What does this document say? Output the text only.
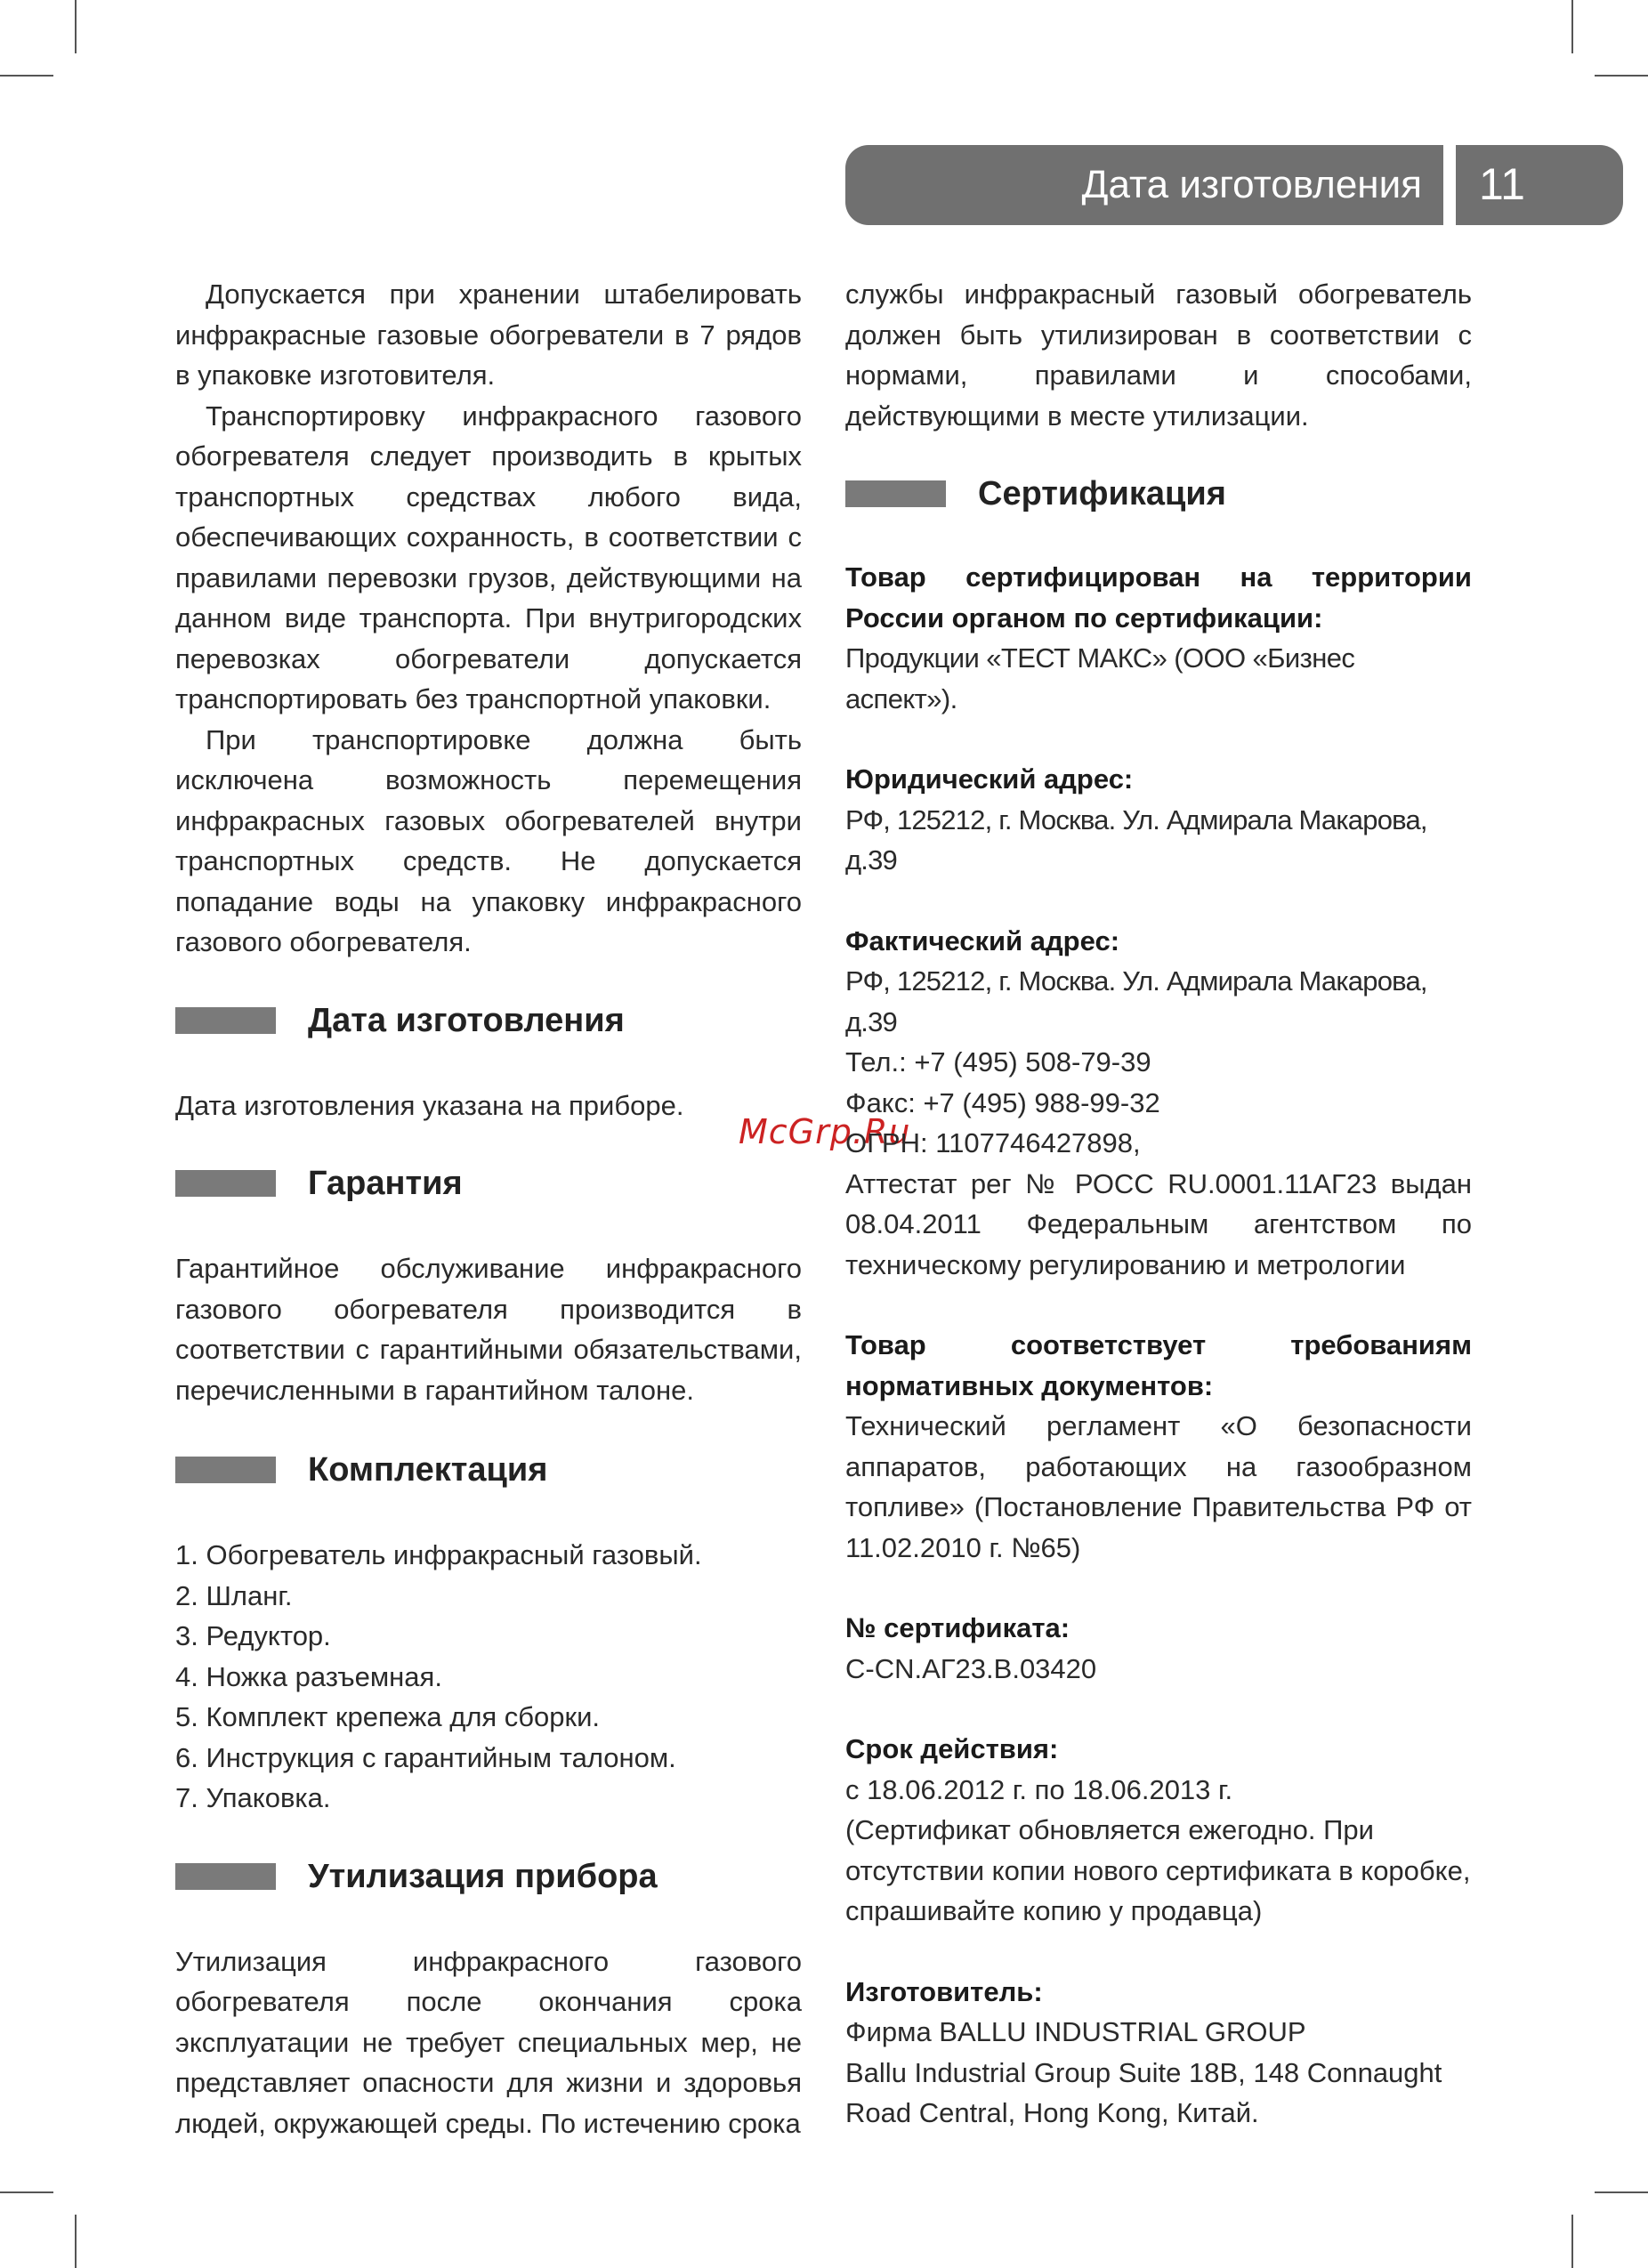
Дата изготовления	11
McGrp.Ru

Допускается при хранении штабелировать инфракрасные газовые обогреватели в 7 рядов в упаковке изготовителя.

Транспортировку инфракрасного газового обогревателя следует производить в крытых транспортных средствах любого вида, обеспечивающих сохранность, в соответствии с правилами перевозки грузов, действующими на данном виде транспорта. При внутригородских перевозках обогреватели допускается транспортировать без транспортной упаковки.

При транспортировке должна быть исключена возможность перемещения инфракрасных газовых обогревателей внутри транспортных средств. Не допускается попадание воды на упаковку инфракрасного газового обогревателя.

Дата изготовления

Дата изготовления указана на приборе.

Гарантия

Гарантийное обслуживание инфракрасного газового обогревателя производится в соответствии с гарантийными обязательствами, перечисленными в гарантийном талоне.

Комплектация

1. Обогреватель инфракрасный газовый.

2. Шланг.

3. Редуктор.

4. Ножка разъемная.

5. Комплект крепежа для сборки.

6. Инструкция с гарантийным талоном.

7. Упаковка.

Утилизация прибора

Утилизация инфракрасного газового обогревателя после окончания срока эксплуатации не требует специальных мер, не представляет опасности для жизни и здоровья людей, окружающей среды. По истечению срока

службы инфракрасный газовый обогреватель должен быть утилизирован в соответствии с нормами, правилами и способами, действующими в месте утилизации.

Сертификация

Товар сертифицирован на территории России органом по сертификации:

Продукции «ТЕСТ МАКС» (ООО «Бизнес аспект»).

Юридический адрес:

РФ, 125212, г. Москва. Ул. Адмирала Макарова, д.39

Фактический адрес:

РФ, 125212, г. Москва. Ул. Адмирала Макарова, д.39

Тел.: +7 (495) 508-79-39

Факс: +7 (495) 988-99-32

ОГРН: 1107746427898,

Аттестат рег № РОСС RU.0001.11АГ23 выдан 08.04.2011 Федеральным агентством по техническому регулированию и метрологии

Товар соответствует требованиям нормативных документов:

Технический регламент «О безопасности аппаратов, работающих на газообразном топливе» (Постановление Правительства РФ от 11.02.2010 г. №65)

№ сертификата:

C-CN.АГ23.B.03420

Срок действия:

с 18.06.2012 г. по 18.06.2013 г.

(Сертификат обновляется ежегодно. При отсутствии копии нового сертификата в коробке, спрашивайте копию у продавца)

Изготовитель:

Фирма BALLU INDUSTRIAL GROUP

Ballu Industrial Group Suite 18B, 148 Connaught Road Central, Hong Kong, Китай.
